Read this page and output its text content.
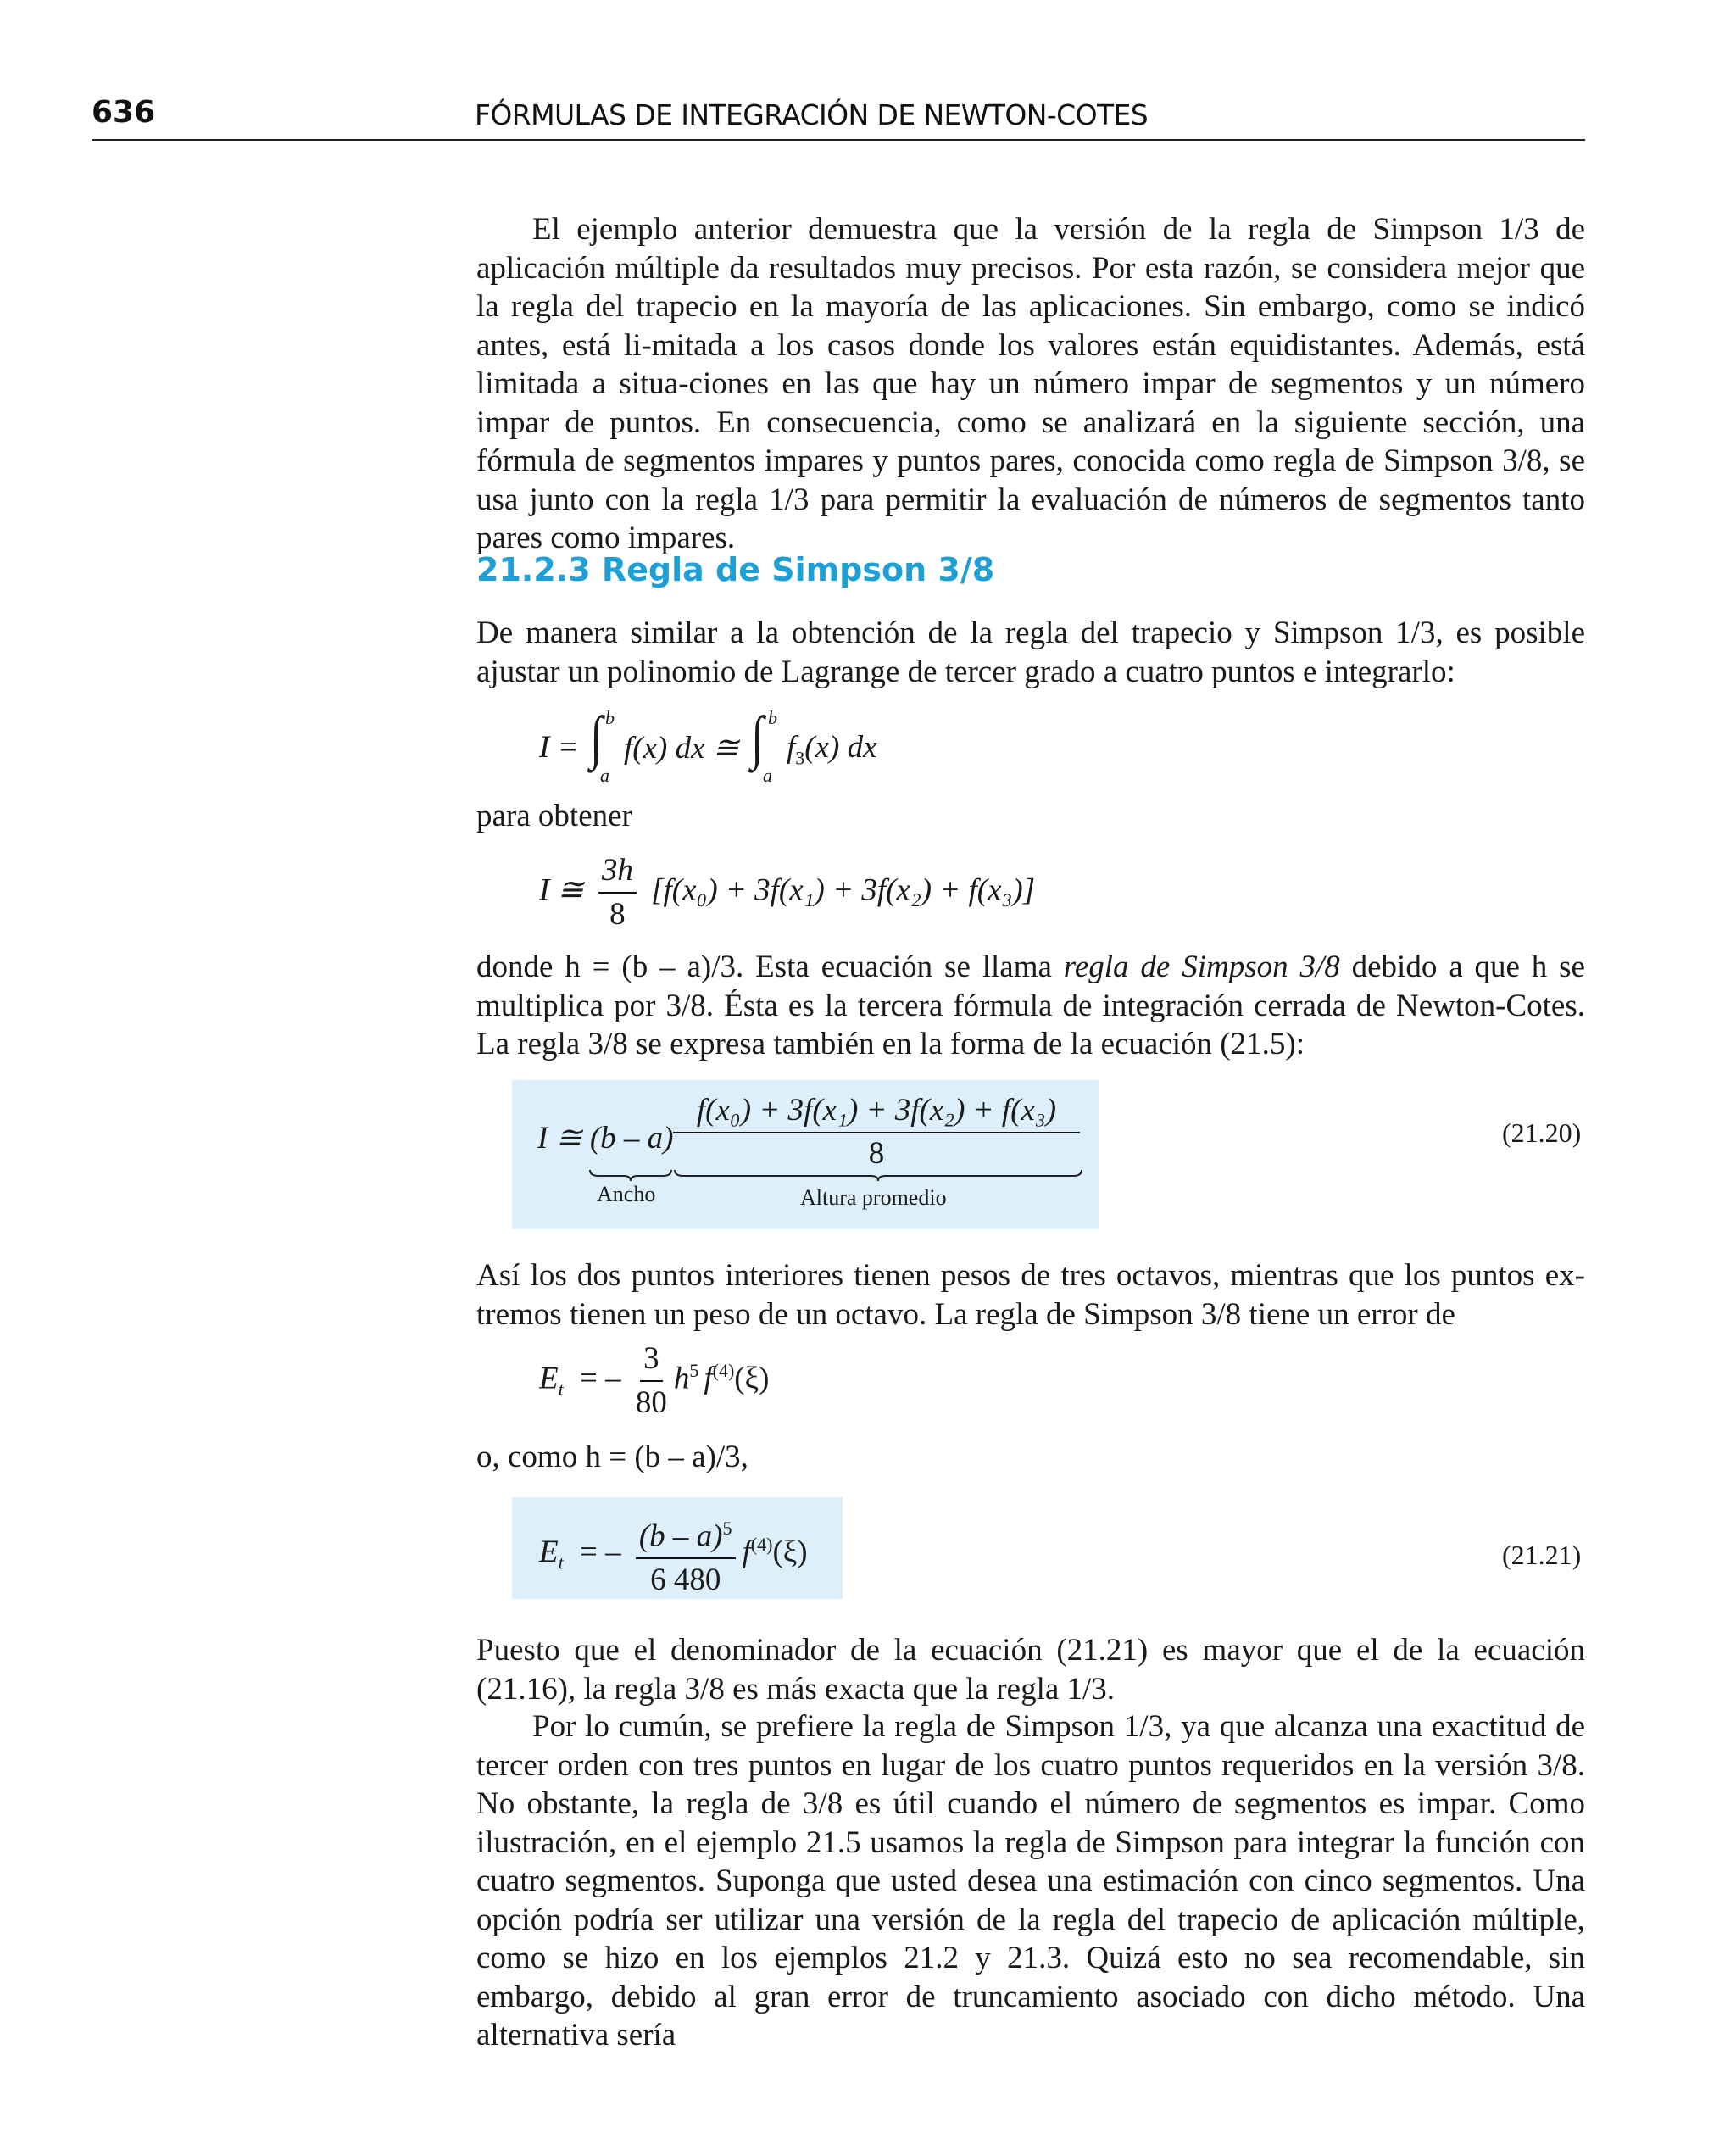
636	FÓRMULAS DE INTEGRACIÓN DE NEWTON-COTES

El ejemplo anterior demuestra que la versión de la regla de Simpson 1/3 de aplicación múltiple da resultados muy precisos. Por esta razón, se considera mejor que la regla del trapecio en la mayoría de las aplicaciones. Sin embargo, como se indicó antes, está li-mitada a los casos donde los valores están equidistantes. Además, está limitada a situa-ciones en las que hay un número impar de segmentos y un número impar de puntos. En consecuencia, como se analizará en la siguiente sección, una fórmula de segmentos impares y puntos pares, conocida como regla de Simpson 3/8, se usa junto con la regla 1/3 para permitir la evaluación de números de segmentos tanto pares como impares.

21.2.3 Regla de Simpson 3/8

De manera similar a la obtención de la regla del trapecio y Simpson 1/3, es posible ajustar un polinomio de Lagrange de tercer grado a cuatro puntos e integrarlo:

I = ∫ b
a
f(x) dx ≅ ∫ b
a
$f_3(x)$ dx

para obtener

I ≅ $\frac{3h}{8} [f(x_0) + 3f(x_1) + 3f(x_2) + f(x_3)]$

donde h = (b – a)/3. Esta ecuación se llama regla de Simpson 3/8 debido a que h se multiplica por 3/8. Ésta es la tercera fórmula de integración cerrada de Newton-Cotes. La regla 3/8 se expresa también en la forma de la ecuación (21.5):

I ≅ $(b - a) \frac{\text{f(x₀) + 3f(x₁) + 3f(x₂) + f(x₃)}}{8}$
Ancho	Altura promedio
(21.20)

Así los dos puntos interiores tienen pesos de tres octavos, mientras que los puntos ex-tremos tienen un peso de un octavo. La regla de Simpson 3/8 tiene un error de

$E_t$ = – $\frac{3}{80} h^5$ $f^{(4)}(\xi)$

o, como h = (b – a)/3,

$E_t$ = – $\frac{(b - a)^5}{6 480} f^{(4)}(\xi)$	(21.21)

Puesto que el denominador de la ecuación (21.21) es mayor que el de la ecuación (21.16), la regla 3/8 es más exacta que la regla 1/3.

Por lo cumún, se prefiere la regla de Simpson 1/3, ya que alcanza una exactitud de tercer orden con tres puntos en lugar de los cuatro puntos requeridos en la versión 3/8. No obstante, la regla de 3/8 es útil cuando el número de segmentos es impar. Como ilustración, en el ejemplo 21.5 usamos la regla de Simpson para integrar la función con cuatro segmentos. Suponga que usted desea una estimación con cinco segmentos. Una opción podría ser utilizar una versión de la regla del trapecio de aplicación múltiple, como se hizo en los ejemplos 21.2 y 21.3. Quizá esto no sea recomendable, sin embargo, debido al gran error de truncamiento asociado con dicho método. Una alternativa sería
